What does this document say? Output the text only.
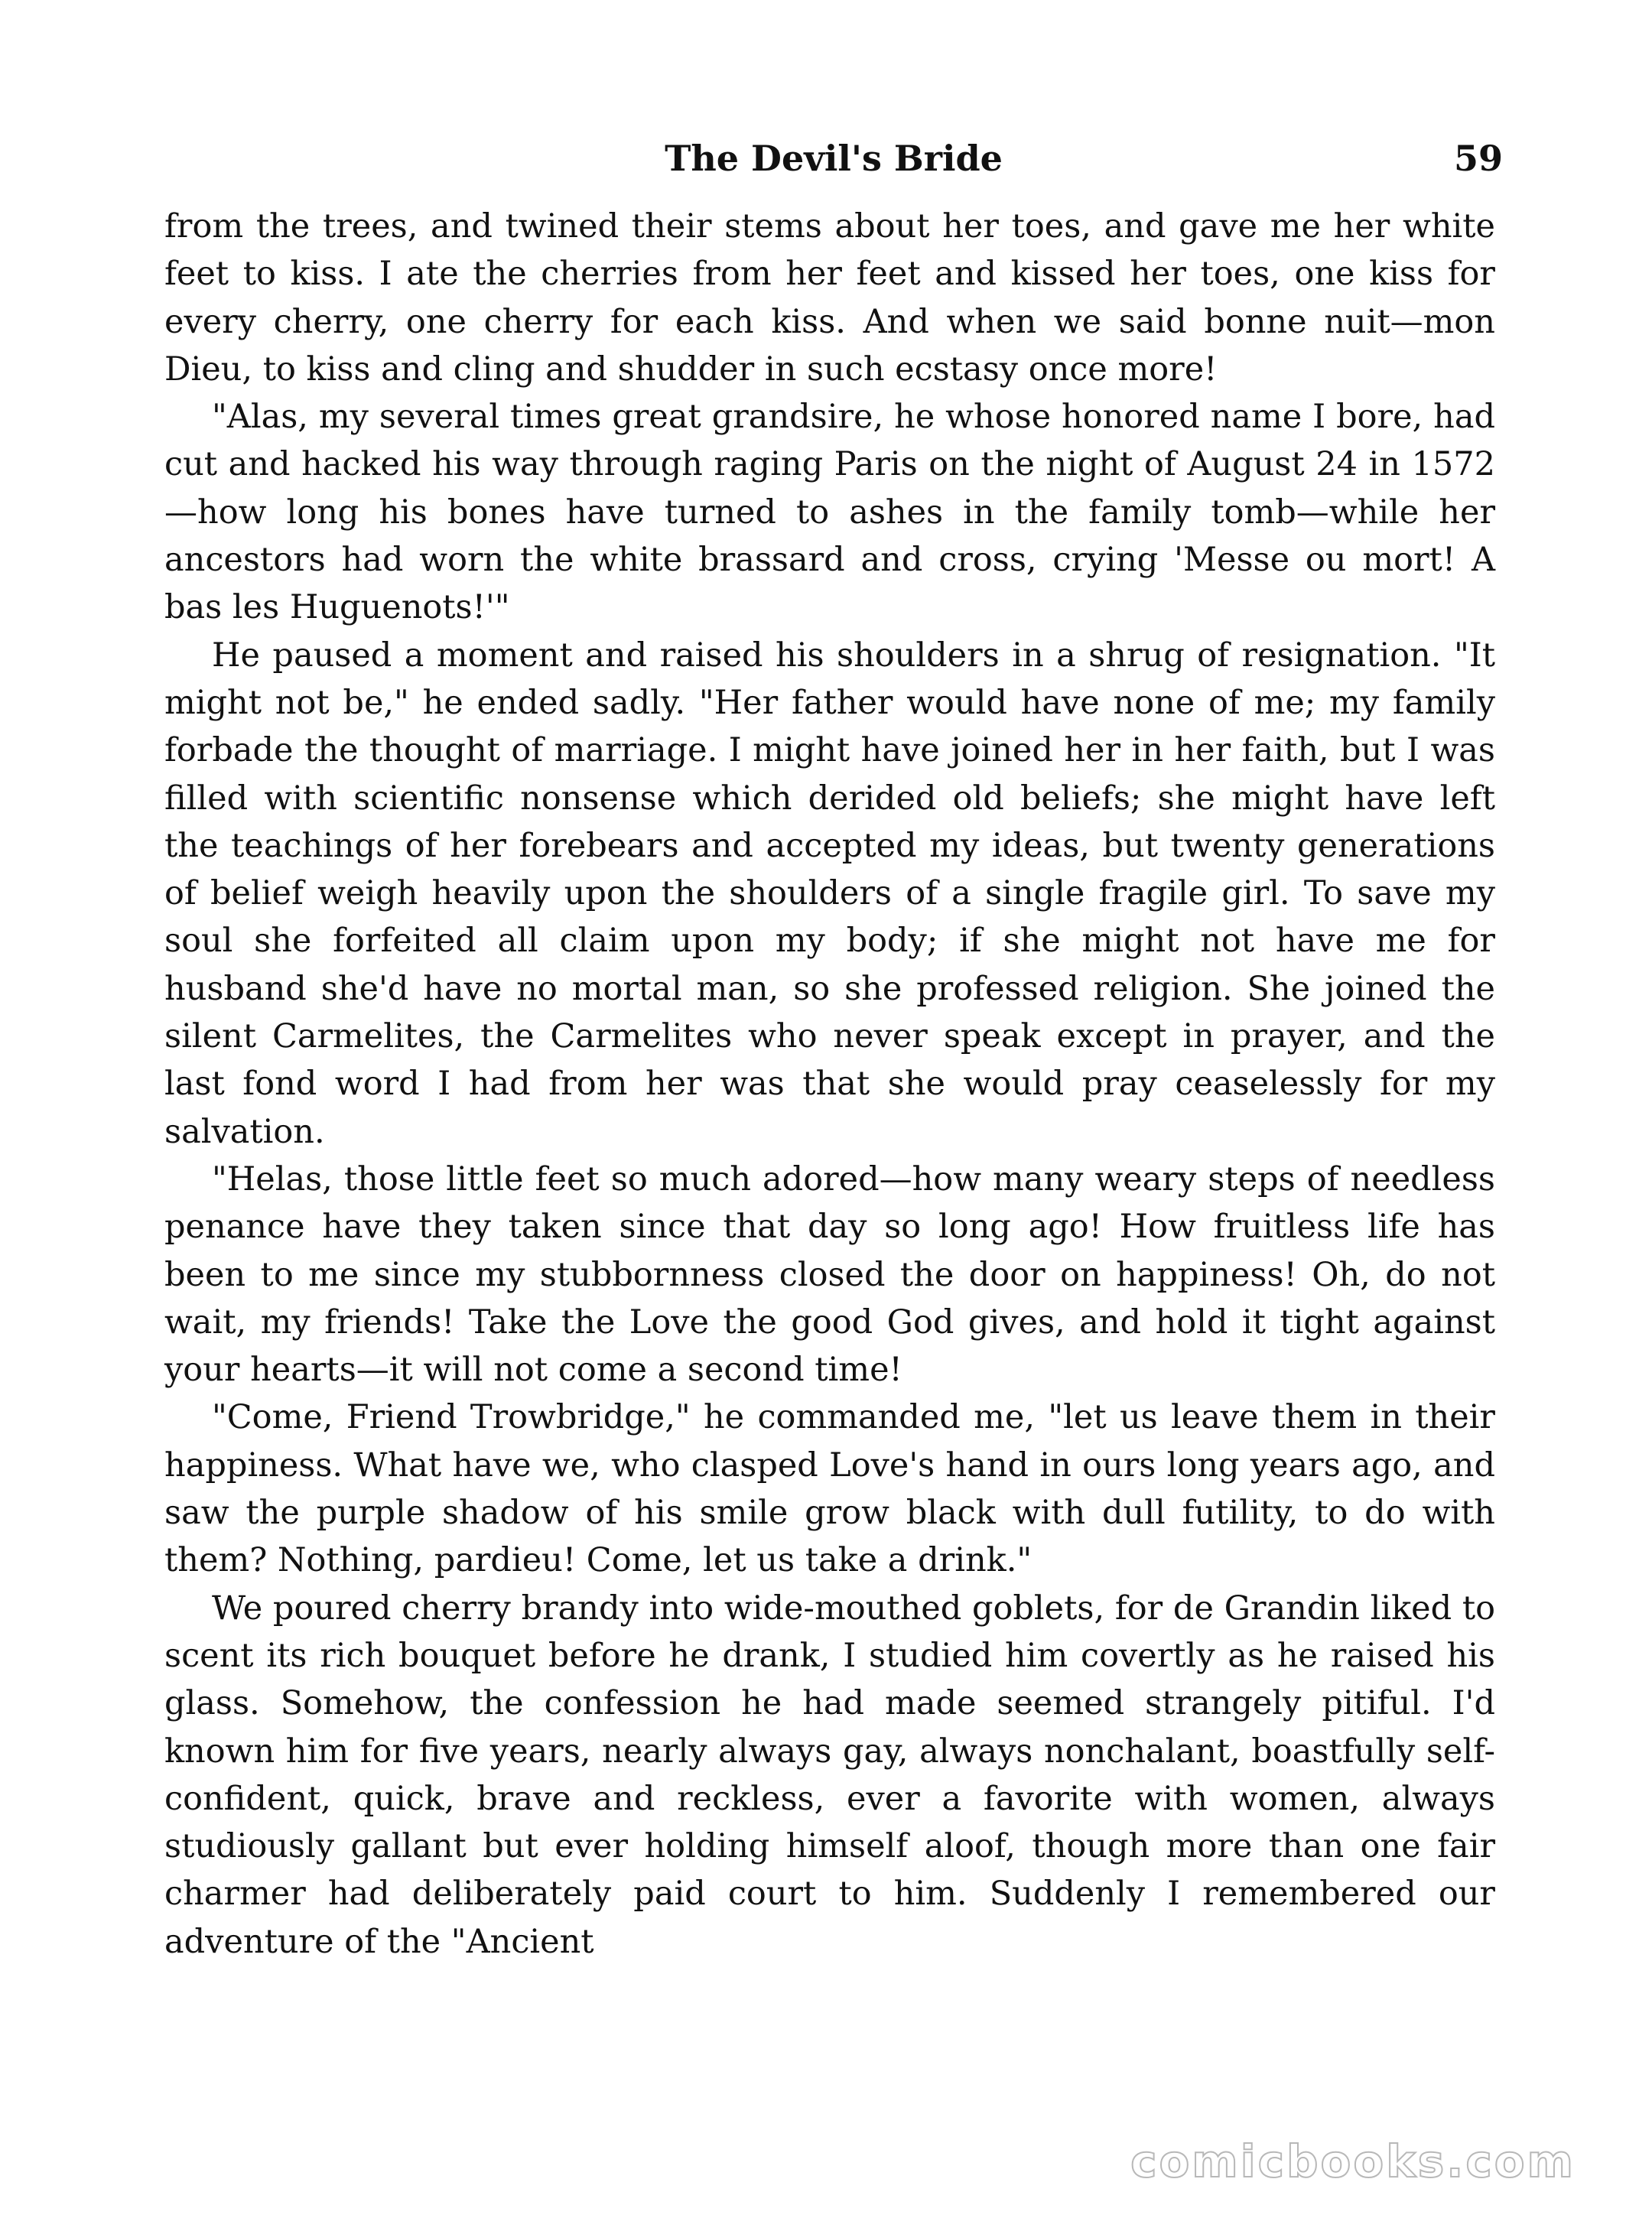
The Devil's Bride	59

from the trees, and twined their stems about her toes, and gave me her white feet to kiss. I ate the cherries from her feet and kissed her toes, one kiss for every cherry, one cherry for each kiss. And when we said bonne nuit—mon Dieu, to kiss and cling and shudder in such ecstasy once more!

"Alas, my several times great grandsire, he whose honored name I bore, had cut and hacked his way through raging Paris on the night of August 24 in 1572—how long his bones have turned to ashes in the family tomb—while her ancestors had worn the white brassard and cross, crying 'Messe ou mort! A bas les Huguenots!'"

He paused a moment and raised his shoulders in a shrug of resignation. "It might not be," he ended sadly. "Her father would have none of me; my family forbade the thought of marriage. I might have joined her in her faith, but I was filled with scientific nonsense which derided old beliefs; she might have left the teachings of her forebears and accepted my ideas, but twenty generations of belief weigh heavily upon the shoulders of a single fragile girl. To save my soul she forfeited all claim upon my body; if she might not have me for husband she'd have no mortal man, so she professed religion. She joined the silent Carmelites, the Carmelites who never speak except in prayer, and the last fond word I had from her was that she would pray ceaselessly for my salvation.

"Helas, those little feet so much adored—how many weary steps of needless penance have they taken since that day so long ago! How fruitless life has been to me since my stubbornness closed the door on happiness! Oh, do not wait, my friends! Take the Love the good God gives, and hold it tight against your hearts—it will not come a second time!

"Come, Friend Trowbridge," he commanded me, "let us leave them in their happiness. What have we, who clasped Love's hand in ours long years ago, and saw the purple shadow of his smile grow black with dull futility, to do with them? Nothing, pardieu! Come, let us take a drink."

We poured cherry brandy into wide-mouthed goblets, for de Grandin liked to scent its rich bouquet before he drank, I studied him covertly as he raised his glass. Somehow, the confession he had made seemed strangely pitiful. I'd known him for five years, nearly always gay, always nonchalant, boastfully self-confident, quick, brave and reckless, ever a favorite with women, always studiously gallant but ever holding himself aloof, though more than one fair charmer had deliberately paid court to him. Suddenly I remembered our adventure of the "Ancient

comicbooks.com
